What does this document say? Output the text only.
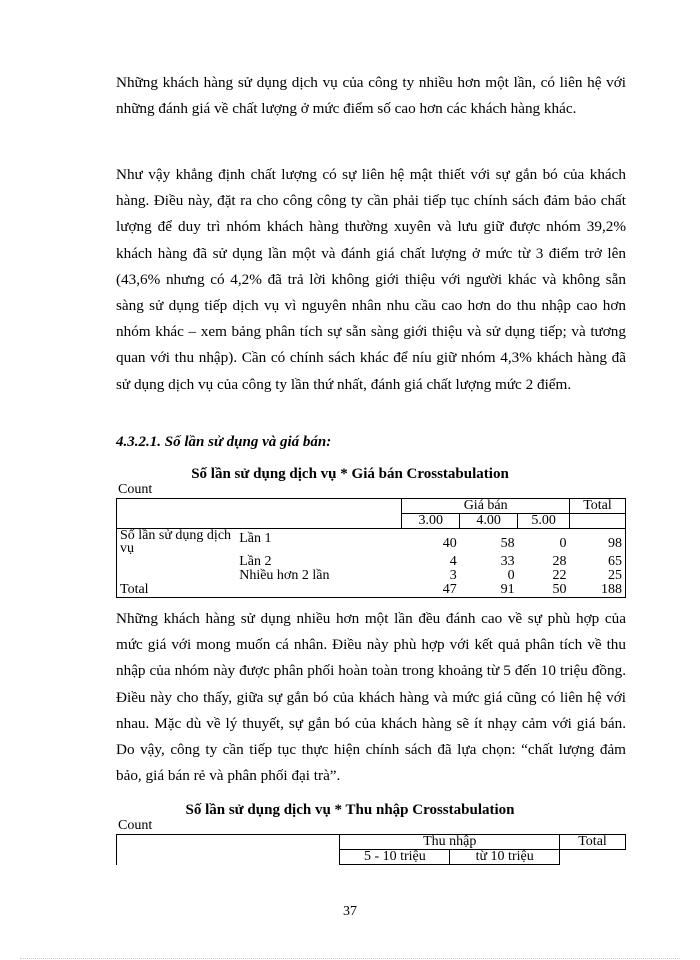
Những khách hàng sử dụng dịch vụ của công ty nhiều hơn một lần, có liên hệ với những đánh giá về chất lượng ở mức điểm số cao hơn các khách hàng khác.

Như vậy khẳng định chất lượng có sự liên hệ mật thiết với sự gắn bó của khách hàng. Điều này, đặt ra cho công công ty cần phải tiếp tục chính sách đảm bảo chất lượng để duy trì nhóm khách hàng thường xuyên và lưu giữ được nhóm 39,2% khách hàng đã sử dụng lần một và đánh giá chất lượng ở mức từ 3 điểm trở lên (43,6% nhưng có 4,2% đã trả lời không giới thiệu với người khác và không sẵn sàng sử dụng tiếp dịch vụ vì nguyên nhân nhu cầu cao hơn do thu nhập cao hơn nhóm khác – xem bảng phân tích sự sẵn sàng giới thiệu và sử dụng tiếp; và tương quan với thu nhập). Cần có chính sách khác để níu giữ nhóm 4,3% khách hàng đã sử dụng dịch vụ của công ty lần thứ nhất, đánh giá chất lượng mức 2 điểm.

4.3.2.1. Số lần sử dụng và giá bán:

Số lần sử dụng dịch vụ * Giá bán Crosstabulation

Count

		Giá bán			Total
		3.00	4.00	5.00	
Số lần sử dụng dịch vụ	Lần 1	40	58	0	98
	Lần 2	4	33	28	65
	Nhiều hơn 2 lần	3	0	22	25
Total		47	91	50	188

Những khách hàng sử dụng nhiều hơn một lần đều đánh cao về sự phù hợp của mức giá với mong muốn cá nhân. Điều này phù hợp với kết quả phân tích về thu nhập của nhóm này được phân phối hoàn toàn trong khoảng từ 5 đến 10 triệu đồng. Điều này cho thấy, giữa sự gắn bó của khách hàng và mức giá cũng có liên hệ với nhau. Mặc dù về lý thuyết, sự gắn bó của khách hàng sẽ ít nhạy cảm với giá bán. Do vậy, công ty cần tiếp tục thực hiện chính sách đã lựa chọn: “chất lượng đảm bảo, giá bán rẻ và phân phối đại trà”.

Số lần sử dụng dịch vụ * Thu nhập Crosstabulation

Count

	Thu nhập		Total
	5 - 10 triệu	từ 10 triệu	

37
